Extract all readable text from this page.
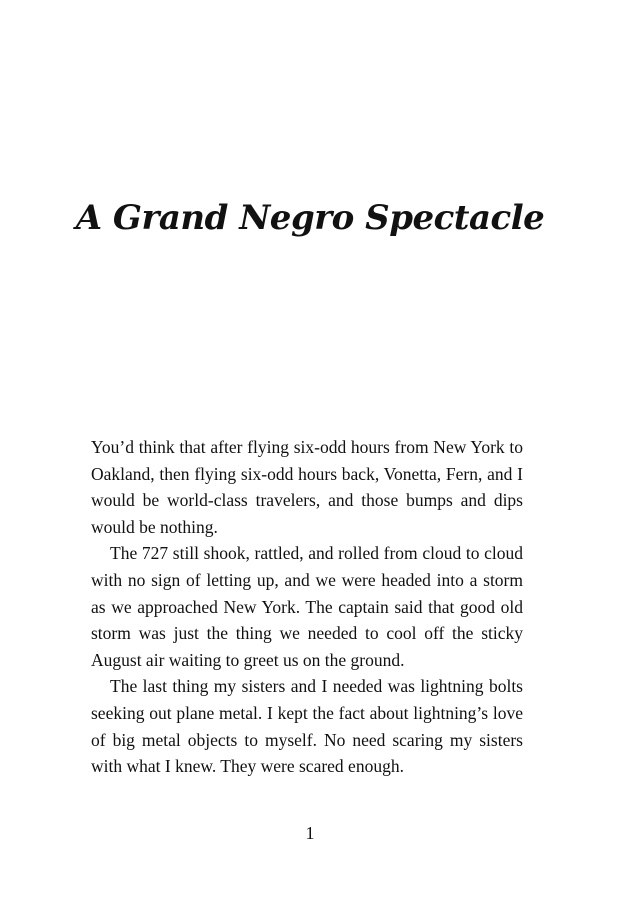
A Grand Negro Spectacle

You’d think that after flying six-odd hours from New York to Oakland, then flying six-odd hours back, Vonetta, Fern, and I would be world-class travelers, and those bumps and dips would be nothing.

The 727 still shook, rattled, and rolled from cloud to cloud with no sign of letting up, and we were headed into a storm as we approached New York. The captain said that good old storm was just the thing we needed to cool off the sticky August air waiting to greet us on the ground.

The last thing my sisters and I needed was lightning bolts seeking out plane metal. I kept the fact about lightning’s love of big metal objects to myself. No need scaring my sisters with what I knew. They were scared enough.

1
